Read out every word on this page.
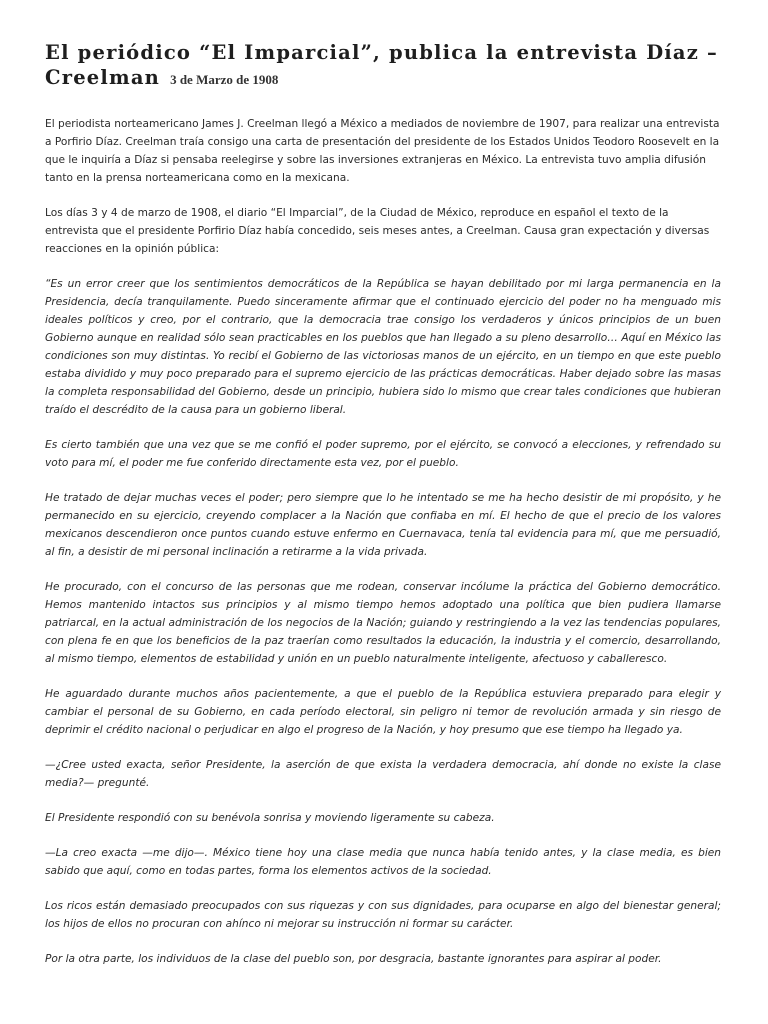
El periódico “El Imparcial”, publica la entrevista Díaz – Creelman 3 de Marzo de 1908

El periodista norteamericano James J. Creelman llegó a México a mediados de noviembre de 1907, para realizar una entrevista a Porfirio Díaz. Creelman traía consigo una carta de presentación del presidente de los Estados Unidos Teodoro Roosevelt en la que le inquiría a Díaz si pensaba reelegirse y sobre las inversiones extranjeras en México. La entrevista tuvo amplia difusión tanto en la prensa norteamericana como en la mexicana.

Los días 3 y 4 de marzo de 1908, el diario “El Imparcial”, de la Ciudad de México, reproduce en español el texto de la entrevista que el presidente Porfirio Díaz había concedido, seis meses antes, a Creelman. Causa gran expectación y diversas reacciones en la opinión pública:

“Es un error creer que los sentimientos democráticos de la República se hayan debilitado por mi larga permanencia en la Presidencia, decía tranquilamente. Puedo sinceramente afirmar que el continuado ejercicio del poder no ha menguado mis ideales políticos y creo, por el contrario, que la democracia trae consigo los verdaderos y únicos principios de un buen Gobierno aunque en realidad sólo sean practicables en los pueblos que han llegado a su pleno desarrollo… Aquí en México las condiciones son muy distintas. Yo recibí el Gobierno de las victoriosas manos de un ejército, en un tiempo en que este pueblo estaba dividido y muy poco preparado para el supremo ejercicio de las prácticas democráticas. Haber dejado sobre las masas la completa responsabilidad del Gobierno, desde un principio, hubiera sido lo mismo que crear tales condiciones que hubieran traído el descrédito de la causa para un gobierno liberal.

Es cierto también que una vez que se me confió el poder supremo, por el ejército, se convocó a elecciones, y refrendado su voto para mí, el poder me fue conferido directamente esta vez, por el pueblo.

He tratado de dejar muchas veces el poder; pero siempre que lo he intentado se me ha hecho desistir de mi propósito, y he permanecido en su ejercicio, creyendo complacer a la Nación que confiaba en mí. El hecho de que el precio de los valores mexicanos descendieron once puntos cuando estuve enfermo en Cuernavaca, tenía tal evidencia para mí, que me persuadió, al fin, a desistir de mi personal inclinación a retirarme a la vida privada.

He procurado, con el concurso de las personas que me rodean, conservar incólume la práctica del Gobierno democrático. Hemos mantenido intactos sus principios y al mismo tiempo hemos adoptado una política que bien pudiera llamarse patriarcal, en la actual administración de los negocios de la Nación; guiando y restringiendo a la vez las tendencias populares, con plena fe en que los beneficios de la paz traerían como resultados la educación, la industria y el comercio, desarrollando, al mismo tiempo, elementos de estabilidad y unión en un pueblo naturalmente inteligente, afectuoso y caballeresco.

He aguardado durante muchos años pacientemente, a que el pueblo de la República estuviera preparado para elegir y cambiar el personal de su Gobierno, en cada período electoral, sin peligro ni temor de revolución armada y sin riesgo de deprimir el crédito nacional o perjudicar en algo el progreso de la Nación, y hoy presumo que ese tiempo ha llegado ya.

—¿Cree usted exacta, señor Presidente, la aserción de que exista la verdadera democracia, ahí donde no existe la clase media?— pregunté.

El Presidente respondió con su benévola sonrisa y moviendo ligeramente su cabeza.

—La creo exacta —me dijo—. México tiene hoy una clase media que nunca había tenido antes, y la clase media, es bien sabido que aquí, como en todas partes, forma los elementos activos de la sociedad.

Los ricos están demasiado preocupados con sus riquezas y con sus dignidades, para ocuparse en algo del bienestar general; los hijos de ellos no procuran con ahínco ni mejorar su instrucción ni formar su carácter.

Por la otra parte, los individuos de la clase del pueblo son, por desgracia, bastante ignorantes para aspirar al poder.
